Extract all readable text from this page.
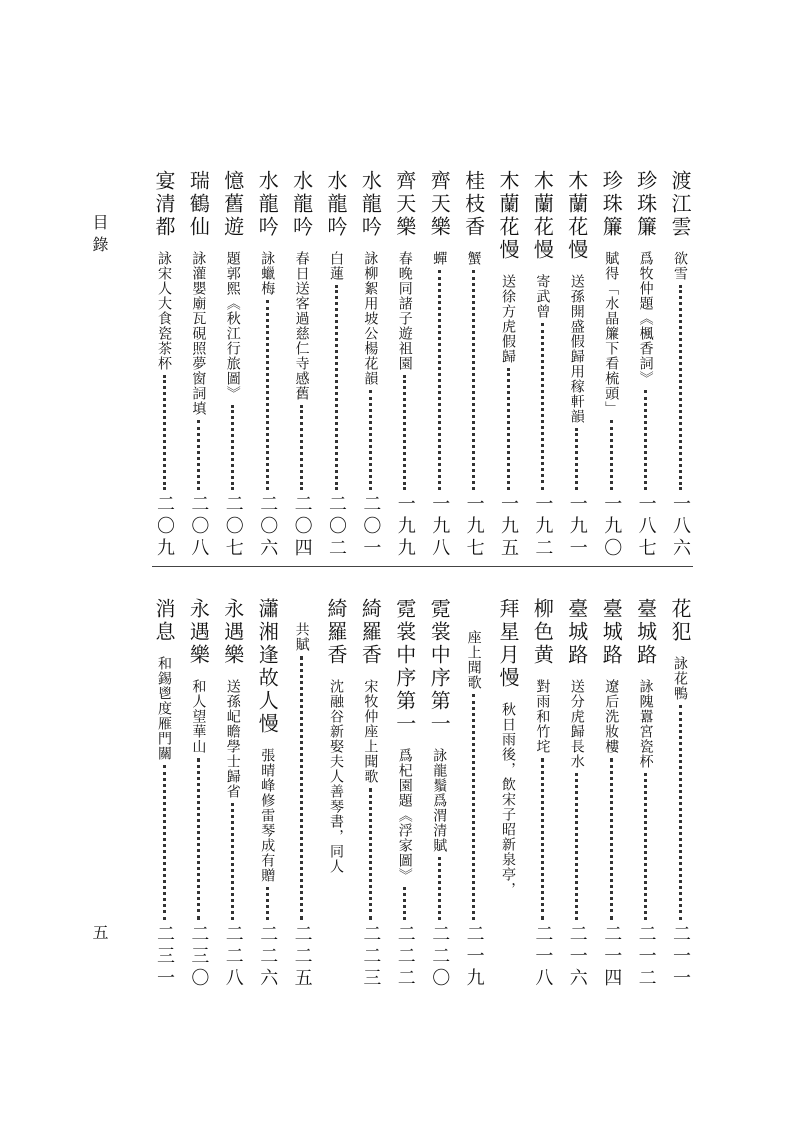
目錄
五
渡江雲
欲雪
一八六
珍珠簾
爲牧仲題《楓香詞》
一八七
珍珠簾
賦得「水晶簾下看梳頭」
一九〇
木蘭花慢
送孫開盛假歸用稼軒韻
一九一
木蘭花慢
寄武曾
一九二
木蘭花慢
送徐方虎假歸
一九五
桂枝香
蟹
一九七
齊天樂
蟬
一九八
齊天樂
春晚同諸子遊祖園
一九九
水龍吟
詠柳絮用坡公楊花韻
二〇一
水龍吟
白蓮
二〇二
水龍吟
春日送客過慈仁寺感舊
二〇四
水龍吟
詠蠟梅
二〇六
憶舊遊
題郭熙《秋江行旅圖》
二〇七
瑞鶴仙
詠灌嬰廟瓦硯照夢窗詞填
二〇八
宴清都
詠宋人大食瓷茶杯
二〇九
花犯
詠花鴨
二一一
臺城路
詠隗囂宮瓷杯
二一二
臺城路
遼后洗妝樓
二一四
臺城路
送分虎歸長水
二一六
柳色黄
對雨和竹垞
二一八
拜星月慢
秋日雨後，飲宋子昭新泉亭，
座上聞歌
二一九
霓裳中序第一
詠龍鬚爲渭清賦
二二〇
霓裳中序第一
爲杞園題《浮家圖》
二二二
綺羅香
宋牧仲座上聞歌
二二三
綺羅香
沈融谷新娶夫人善琴書，同人
共賦
二二五
瀟湘逢故人慢
張晴峰修雷琴成有贈
二二六
永遇樂
送孫屺瞻學士歸省
二二八
永遇樂
和人望華山
二三〇
消息
和錫鬯度雁門關
二三一
